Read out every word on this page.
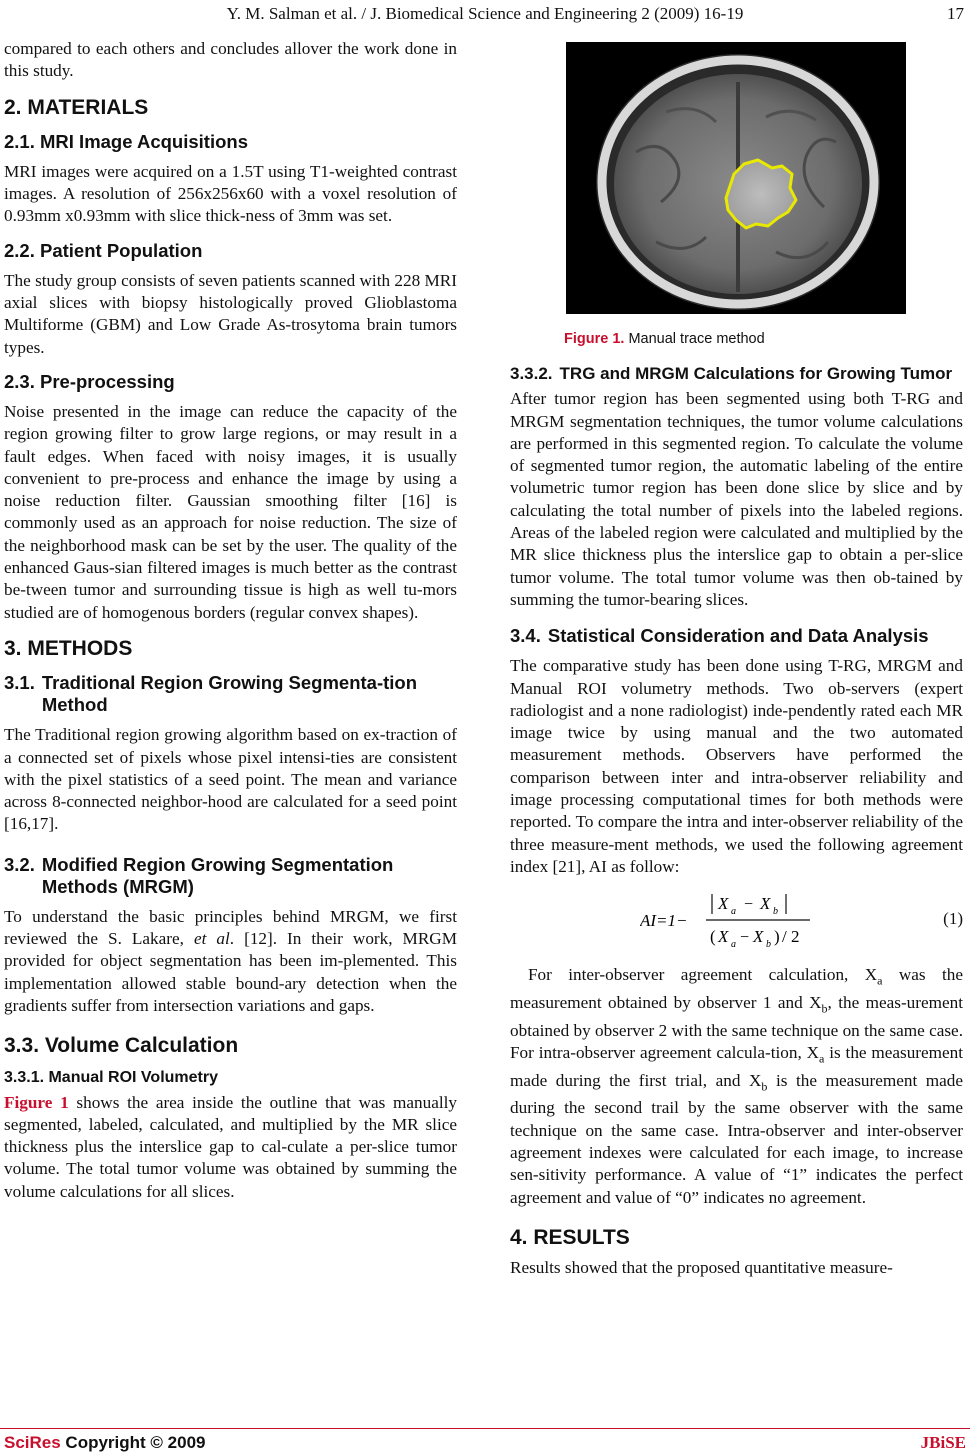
Y. M. Salman et al. / J. Biomedical Science and Engineering 2 (2009) 16-19	17

compared to each others and concludes allover the work done in this study.

2. MATERIALS
2.1. MRI Image Acquisitions

MRI images were acquired on a 1.5T using T1-weighted contrast images. A resolution of 256x256x60 with a voxel resolution of 0.93mm x0.93mm with slice thick-ness of 3mm was set.

2.2. Patient Population

The study group consists of seven patients scanned with 228 MRI axial slices with biopsy histologically proved Glioblastoma Multiforme (GBM) and Low Grade As-trosytoma brain tumors types.

2.3. Pre-processing

Noise presented in the image can reduce the capacity of the region growing filter to grow large regions, or may result in a fault edges. When faced with noisy images, it is usually convenient to pre-process and enhance the image by using a noise reduction filter. Gaussian smoothing filter [16] is commonly used as an approach for noise reduction. The size of the neighborhood mask can be set by the user. The quality of the enhanced Gaus-sian filtered images is much better as the contrast be-tween tumor and surrounding tissue is high as well tu-mors studied are of homogenous borders (regular convex shapes).

3. METHODS
3.1. Traditional Region Growing Segmenta-tion Method

The Traditional region growing algorithm based on ex-traction of a connected set of pixels whose pixel intensi-ties are consistent with the pixel statistics of a seed point. The mean and variance across 8-connected neighbor-hood are calculated for a seed point [16,17].

3.2. Modified Region Growing Segmentation Methods (MRGM)

To understand the basic principles behind MRGM, we first reviewed the S. Lakare, et al. [12]. In their work, MRGM provided for object segmentation has been im-plemented. This implementation allowed stable bound-ary detection when the gradients suffer from intersection variations and gaps.

3.3. Volume Calculation
3.3.1. Manual ROI Volumetry

Figure 1 shows the area inside the outline that was manually segmented, labeled, calculated, and multiplied by the MR slice thickness plus the interslice gap to cal-culate a per-slice tumor volume. The total tumor volume was obtained by summing the volume calculations for all slices.

Figure 1. Manual trace method
3.3.2. TRG and MRGM Calculations for Growing Tumor

After tumor region has been segmented using both T-RG and MRGM segmentation techniques, the tumor volume calculations are performed in this segmented region. To calculate the volume of segmented tumor region, the automatic labeling of the entire volumetric tumor region has been done slice by slice and by calculating the total number of pixels into the labeled regions. Areas of the labeled region were calculated and multiplied by the MR slice thickness plus the interslice gap to obtain a per-slice tumor volume. The total tumor volume was then ob-tained by summing the tumor-bearing slices.

3.4. Statistical Consideration and Data Analysis

The comparative study has been done using T-RG, MRGM and Manual ROI volumetry methods. Two ob-servers (expert radiologist and a none radiologist) inde-pendently rated each MR image twice by using manual and the two automated measurement methods. Observers have performed the comparison between inter and intra-observer reliability and image processing computational times for both methods were reported. To compare the intra and inter-observer reliability of the three measure-ment methods, we used the following agreement index [21], AI as follow:

AI=1−
X a − X b
( X a − X b ) / 2
(1)

For inter-observer agreement calculation, $X_a$ was the measurement obtained by observer 1 and $X_b$, the meas-urement obtained by observer 2 with the same technique on the same case. For intra-observer agreement calcula-tion, $X_a$ is the measurement made during the first trial, and $X_b$ is the measurement made during the second trail by the same observer with the same technique on the same case. Intra-observer and inter-observer agreement indexes were calculated for each image, to increase sen-sitivity performance. A value of “1” indicates the perfect agreement and value of “0” indicates no agreement.

4. RESULTS

Results showed that the proposed quantitative measure-

SciRes Copyright © 2009	JBiSE
